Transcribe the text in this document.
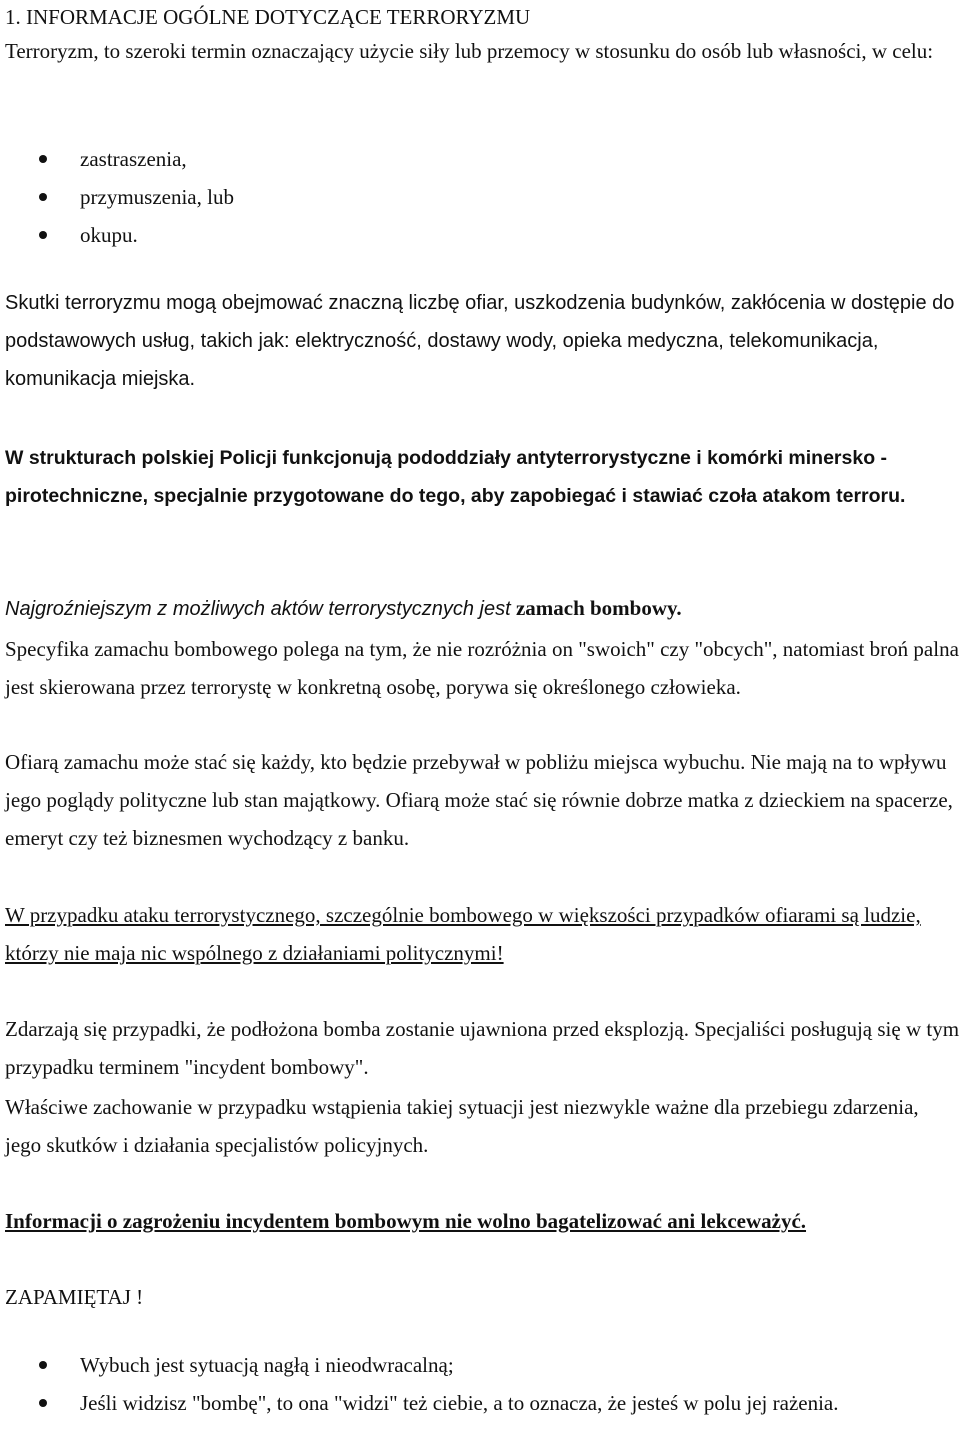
1. INFORMACJE OGÓLNE DOTYCZĄCE TERRORYZMU

Terroryzm, to szeroki termin oznaczający użycie siły lub przemocy w stosunku do osób lub własności, w celu:

zastraszenia,
przymuszenia, lub
okupu.

Skutki terroryzmu mogą obejmować znaczną liczbę ofiar, uszkodzenia budynków, zakłócenia w dostępie do podstawowych usług, takich jak: elektryczność, dostawy wody, opieka medyczna, telekomunikacja, komunikacja miejska.

W strukturach polskiej Policji funkcjonują pododdziały antyterrorystyczne i komórki minersko - pirotechniczne, specjalnie przygotowane do tego, aby zapobiegać i stawiać czoła atakom terroru.

Najgroźniejszym z możliwych aktów terrorystycznych jest zamach bombowy.

Specyfika zamachu bombowego polega na tym, że nie rozróżnia on "swoich" czy "obcych", natomiast broń palna jest skierowana przez terrorystę w konkretną osobę, porywa się określonego człowieka.

Ofiarą zamachu może stać się każdy, kto będzie przebywał w pobliżu miejsca wybuchu. Nie mają na to wpływu jego poglądy polityczne lub stan majątkowy. Ofiarą może stać się równie dobrze matka z dzieckiem na spacerze, emeryt czy też biznesmen wychodzący z banku.

W przypadku ataku terrorystycznego, szczególnie bombowego w większości przypadków ofiarami są ludzie, którzy nie maja nic wspólnego z działaniami politycznymi!

Zdarzają się przypadki, że podłożona bomba zostanie ujawniona przed eksplozją. Specjaliści posługują się w tym przypadku terminem "incydent bombowy".

Właściwe zachowanie w przypadku wstąpienia takiej sytuacji jest niezwykle ważne dla przebiegu zdarzenia, jego skutków i działania specjalistów policyjnych.

Informacji o zagrożeniu incydentem bombowym nie wolno bagatelizować ani lekceważyć.

ZAPAMIĘTAJ !

Wybuch jest sytuacją nagłą i nieodwracalną;
Jeśli widzisz "bombę", to ona "widzi" też ciebie, a to oznacza, że jesteś w polu jej rażenia.
